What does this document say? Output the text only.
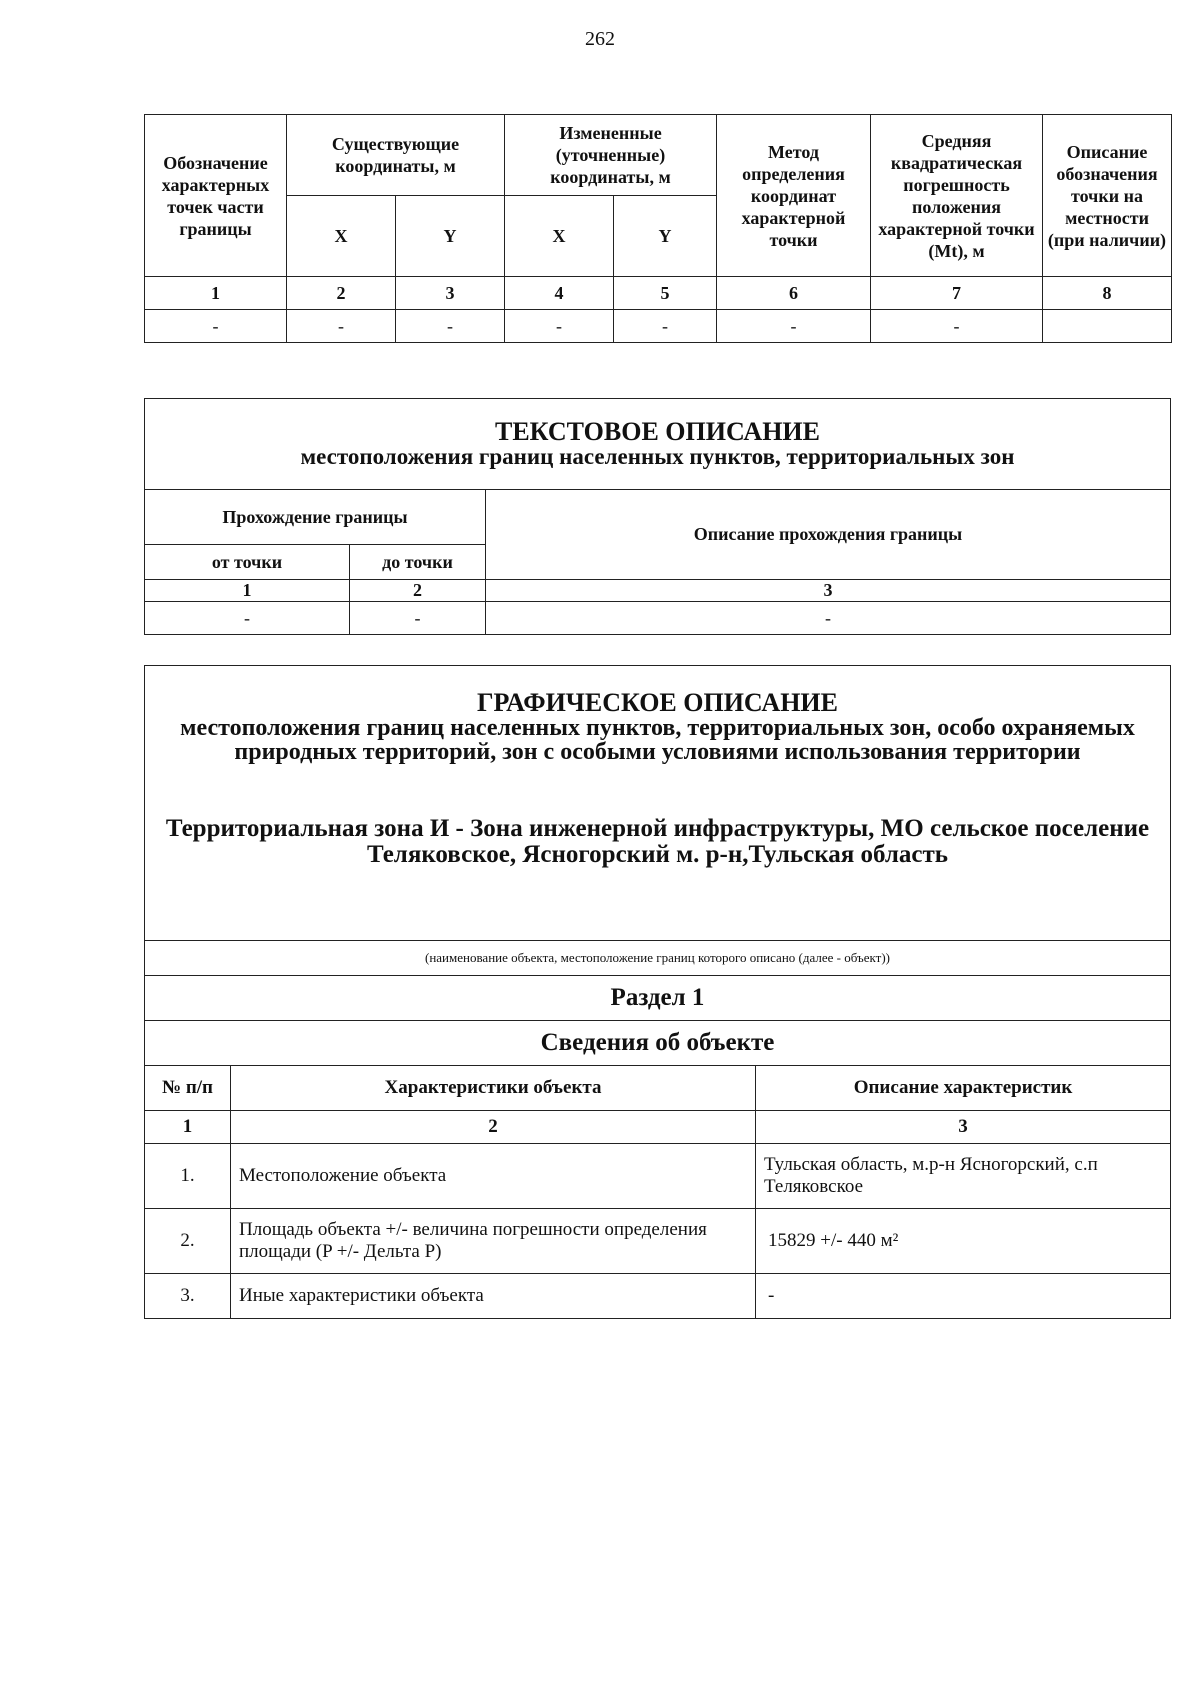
262
Обозначение характерных точек части границы	Существующие координаты, м		Измененные (уточненные) координаты, м		Метод определения координат характерной точки	Средняя квадратическая погрешность положения характерной точки (Mt), м	Описание обозначения точки на местности (при наличии)
	X	Y	X	Y			
1	2	3	4	5	6	7	8
-	-	-	-	-	-	-	
ТЕКСТОВОЕ ОПИСАНИЕ
местоположения границ населенных пунктов, территориальных зон		

Прохождение границы		Описание прохождения границы
от точки	до точки	
1	2	3
-	-	-
ГРАФИЧЕСКОЕ ОПИСАНИЕ
местоположения границ населенных пунктов, территориальных зон, особо охраняемых природных территорий, зон с особыми условиями использования территории
Территориальная зона И - Зона инженерной инфраструктуры, МО сельское поселение Теляковское, Ясногорский м. р-н,Тульская область		

(наименование объекта, местоположение границ которого описано (далее - объект))		
Раздел 1		
Сведения об объекте		
№ п/п	Характеристики объекта	Описание характеристик
1	2	3
1.	Местоположение объекта	Тульская область, м.р-н Ясногорский, с.п Теляковское
2.	Площадь объекта +/- величина погрешности определения площади (P +/- Дельта P)	15829 +/- 440 м²
3.	Иные характеристики объекта	-
